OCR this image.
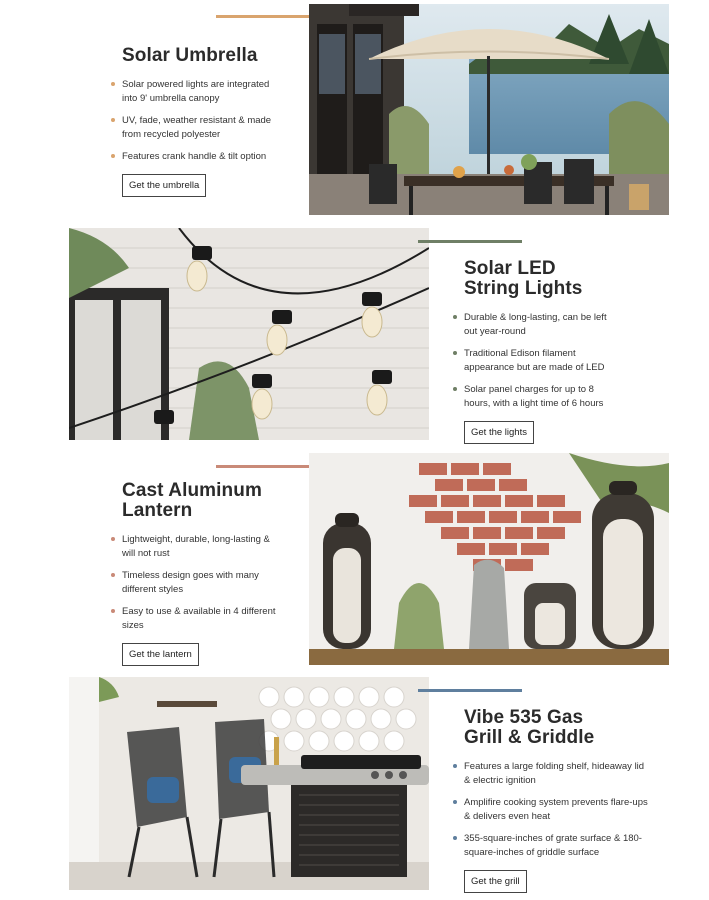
Solar Umbrella
Solar powered lights are integrated into 9' umbrella canopy
UV, fade, weather resistant & made from recycled polyester
Features crank handle & tilt option
Get the umbrella
Solar LED
String Lights
Durable & long-lasting, can be left out year-round
Traditional Edison filament appearance but are made of LED
Solar panel charges for up to 8 hours, with a light time of 6 hours
Get the lights
Cast Aluminum
Lantern
Lightweight, durable, long-lasting & will not rust
Timeless design goes with many different styles
Easy to use & available in 4 different sizes
Get the lantern
Vibe 535 Gas
Grill & Griddle
Features a large folding shelf, hideaway lid & electric ignition
Amplifire cooking system prevents flare-ups & delivers even heat
355-square-inches of grate surface & 180-square-inches of griddle surface
Get the grill
